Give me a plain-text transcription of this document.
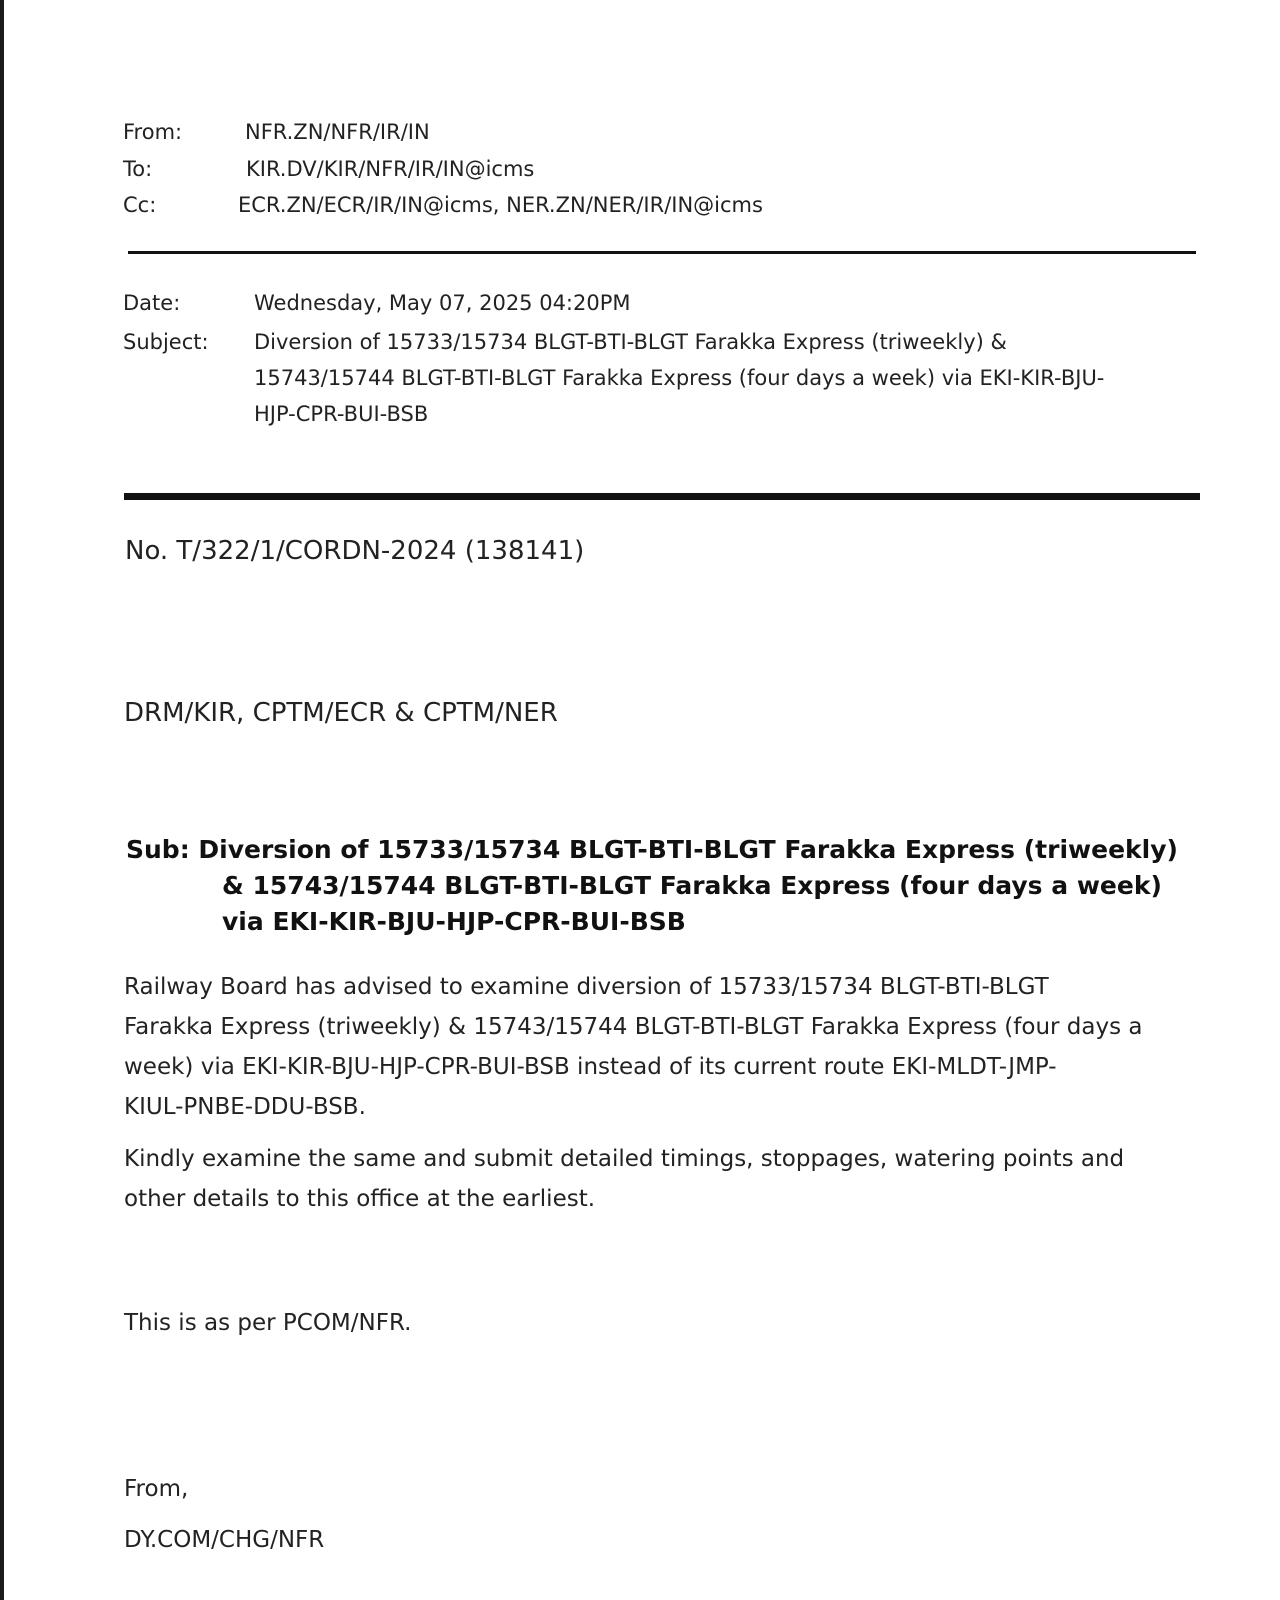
From:	NFR.ZN/NFR/IR/IN
To:	KIR.DV/KIR/NFR/IR/IN@icms
Cc:	ECR.ZN/ECR/IR/IN@icms, NER.ZN/NER/IR/IN@icms
Date:	Wednesday, May 07, 2025 04:20PM
Subject: Diversion of 15733/15734 BLGT-BTI-BLGT Farakka Express (triweekly) &
15743/15744 BLGT-BTI-BLGT Farakka Express (four days a week) via EKI-KIR-BJU-
HJP-CPR-BUI-BSB
No. T/322/1/CORDN-2024 (138141)
DRM/KIR, CPTM/ECR & CPTM/NER
Sub: Diversion of 15733/15734 BLGT-BTI-BLGT Farakka Express (triweekly)
& 15743/15744 BLGT-BTI-BLGT Farakka Express (four days a week)
via EKI-KIR-BJU-HJP-CPR-BUI-BSB
Railway Board has advised to examine diversion of 15733/15734 BLGT-BTI-BLGT
Farakka Express (triweekly) & 15743/15744 BLGT-BTI-BLGT Farakka Express (four days a
week) via EKI-KIR-BJU-HJP-CPR-BUI-BSB instead of its current route EKI-MLDT-JMP-
KIUL-PNBE-DDU-BSB.
Kindly examine the same and submit detailed timings, stoppages, watering points and
other details to this office at the earliest.
This is as per PCOM/NFR.
From,
DY.COM/CHG/NFR
